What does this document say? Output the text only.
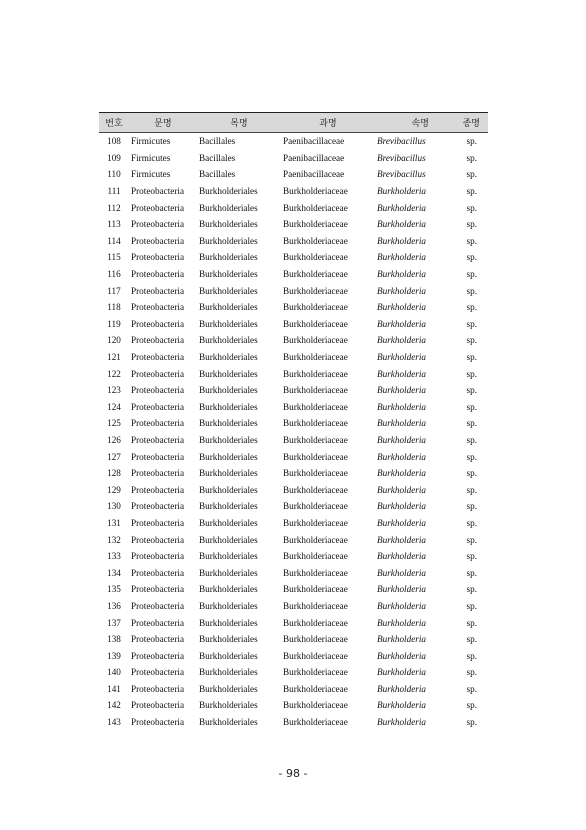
번호	문명	목명	과명	속명	종명
108	Firmicutes	Bacillales	Paenibacillaceae	Brevibacillus	sp.
109	Firmicutes	Bacillales	Paenibacillaceae	Brevibacillus	sp.
110	Firmicutes	Bacillales	Paenibacillaceae	Brevibacillus	sp.
111	Proteobacteria	Burkholderiales	Burkholderiaceae	Burkholderia	sp.
112	Proteobacteria	Burkholderiales	Burkholderiaceae	Burkholderia	sp.
113	Proteobacteria	Burkholderiales	Burkholderiaceae	Burkholderia	sp.
114	Proteobacteria	Burkholderiales	Burkholderiaceae	Burkholderia	sp.
115	Proteobacteria	Burkholderiales	Burkholderiaceae	Burkholderia	sp.
116	Proteobacteria	Burkholderiales	Burkholderiaceae	Burkholderia	sp.
117	Proteobacteria	Burkholderiales	Burkholderiaceae	Burkholderia	sp.
118	Proteobacteria	Burkholderiales	Burkholderiaceae	Burkholderia	sp.
119	Proteobacteria	Burkholderiales	Burkholderiaceae	Burkholderia	sp.
120	Proteobacteria	Burkholderiales	Burkholderiaceae	Burkholderia	sp.
121	Proteobacteria	Burkholderiales	Burkholderiaceae	Burkholderia	sp.
122	Proteobacteria	Burkholderiales	Burkholderiaceae	Burkholderia	sp.
123	Proteobacteria	Burkholderiales	Burkholderiaceae	Burkholderia	sp.
124	Proteobacteria	Burkholderiales	Burkholderiaceae	Burkholderia	sp.
125	Proteobacteria	Burkholderiales	Burkholderiaceae	Burkholderia	sp.
126	Proteobacteria	Burkholderiales	Burkholderiaceae	Burkholderia	sp.
127	Proteobacteria	Burkholderiales	Burkholderiaceae	Burkholderia	sp.
128	Proteobacteria	Burkholderiales	Burkholderiaceae	Burkholderia	sp.
129	Proteobacteria	Burkholderiales	Burkholderiaceae	Burkholderia	sp.
130	Proteobacteria	Burkholderiales	Burkholderiaceae	Burkholderia	sp.
131	Proteobacteria	Burkholderiales	Burkholderiaceae	Burkholderia	sp.
132	Proteobacteria	Burkholderiales	Burkholderiaceae	Burkholderia	sp.
133	Proteobacteria	Burkholderiales	Burkholderiaceae	Burkholderia	sp.
134	Proteobacteria	Burkholderiales	Burkholderiaceae	Burkholderia	sp.
135	Proteobacteria	Burkholderiales	Burkholderiaceae	Burkholderia	sp.
136	Proteobacteria	Burkholderiales	Burkholderiaceae	Burkholderia	sp.
137	Proteobacteria	Burkholderiales	Burkholderiaceae	Burkholderia	sp.
138	Proteobacteria	Burkholderiales	Burkholderiaceae	Burkholderia	sp.
139	Proteobacteria	Burkholderiales	Burkholderiaceae	Burkholderia	sp.
140	Proteobacteria	Burkholderiales	Burkholderiaceae	Burkholderia	sp.
141	Proteobacteria	Burkholderiales	Burkholderiaceae	Burkholderia	sp.
142	Proteobacteria	Burkholderiales	Burkholderiaceae	Burkholderia	sp.
143	Proteobacteria	Burkholderiales	Burkholderiaceae	Burkholderia	sp.
- 98 -
